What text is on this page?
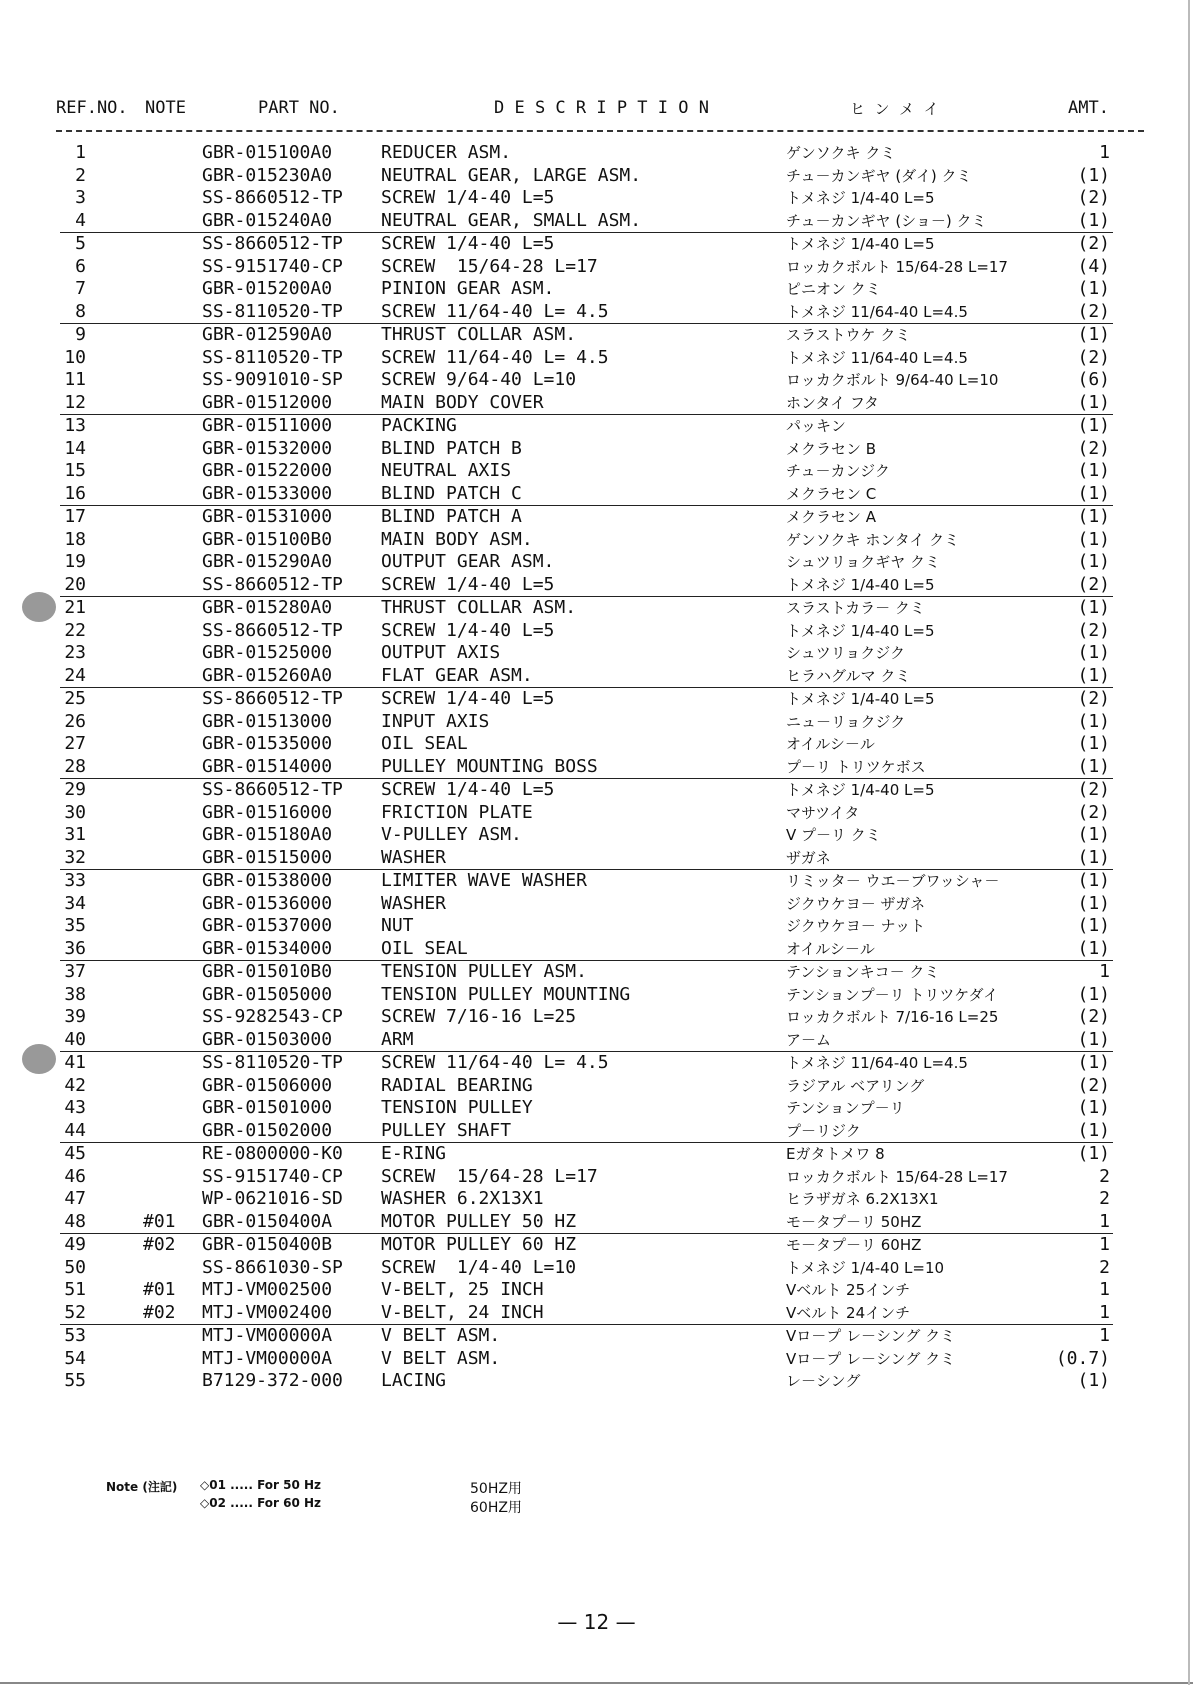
REF.NO. NOTE	PART NO.	D E S C R I P T I O N	ヒ  ン  メ  イ	AMT.
1	GBR-015100A0	REDUCER ASM.	ゲンソクキ クミ	1
2	GBR-015230A0	NEUTRAL GEAR, LARGE ASM.	チュ－カンギヤ (ダイ) クミ	(1)
3	SS-8660512-TP SCREW 1/4-40 L=5	トメネジ 1/4-40 L=5	(2)
4	GBR-015240A0	NEUTRAL GEAR, SMALL ASM.	チュ－カンギヤ (ショ－) クミ	(1)
5	SS-8660512-TP SCREW 1/4-40 L=5	トメネジ 1/4-40 L=5	(2)
6	SS-9151740-CP SCREW  15/64-28 L=17	ロッカクボルト 15/64-28 L=17	(4)
7	GBR-015200A0	PINION GEAR ASM.	ピニオン クミ	(1)
8	SS-8110520-TP SCREW 11/64-40 L= 4.5	トメネジ 11/64-40 L=4.5	(2)
9	GBR-012590A0	THRUST COLLAR ASM.	スラストウケ クミ	(1)
10	SS-8110520-TP SCREW 11/64-40 L= 4.5	トメネジ 11/64-40 L=4.5	(2)
11	SS-9091010-SP SCREW 9/64-40 L=10	ロッカクボルト 9/64-40 L=10	(6)
12	GBR-01512000	MAIN BODY COVER	ホンタイ フタ	(1)
13	GBR-01511000	PACKING	パッキン	(1)
14	GBR-01532000	BLIND PATCH B	メクラセン B	(2)
15	GBR-01522000	NEUTRAL AXIS	チュ－カンジク	(1)
16	GBR-01533000	BLIND PATCH C	メクラセン C	(1)
17	GBR-01531000	BLIND PATCH A	メクラセン A	(1)
18	GBR-015100B0	MAIN BODY ASM.	ゲンソクキ ホンタイ クミ	(1)
19	GBR-015290A0	OUTPUT GEAR ASM.	シュツリョクギヤ クミ	(1)
20	SS-8660512-TP SCREW 1/4-40 L=5	トメネジ 1/4-40 L=5	(2)
21	GBR-015280A0	THRUST COLLAR ASM.	スラストカラ－ クミ	(1)
22	SS-8660512-TP SCREW 1/4-40 L=5	トメネジ 1/4-40 L=5	(2)
23	GBR-01525000	OUTPUT AXIS	シュツリョクジク	(1)
24	GBR-015260A0	FLAT GEAR ASM.	ヒラハグルマ クミ	(1)
25	SS-8660512-TP SCREW 1/4-40 L=5	トメネジ 1/4-40 L=5	(2)
26	GBR-01513000	INPUT AXIS	ニュ－リョクジク	(1)
27	GBR-01535000	OIL SEAL	オイルシ－ル	(1)
28	GBR-01514000	PULLEY MOUNTING BOSS	プ－リ トリツケボス	(1)
29	SS-8660512-TP SCREW 1/4-40 L=5	トメネジ 1/4-40 L=5	(2)
30	GBR-01516000	FRICTION PLATE	マサツイタ	(2)
31	GBR-015180A0	V-PULLEY ASM.	V プ－リ クミ	(1)
32	GBR-01515000	WASHER	ザガネ	(1)
33	GBR-01538000	LIMITER WAVE WASHER	リミッタ－ ウエ－ブワッシャ－	(1)
34	GBR-01536000	WASHER	ジクウケヨ－ ザガネ	(1)
35	GBR-01537000	NUT	ジクウケヨ－ ナット	(1)
36	GBR-01534000	OIL SEAL	オイルシ－ル	(1)
37	GBR-015010B0	TENSION PULLEY ASM.	テンションキコ－ クミ	1
38	GBR-01505000	TENSION PULLEY MOUNTING	テンションプ－リ トリツケダイ	(1)
39	SS-9282543-CP SCREW 7/16-16 L=25	ロッカクボルト 7/16-16 L=25	(2)
40	GBR-01503000	ARM	ア－ム	(1)
41	SS-8110520-TP SCREW 11/64-40 L= 4.5	トメネジ 11/64-40 L=4.5	(1)
42	GBR-01506000	RADIAL BEARING	ラジアル ベアリング	(2)
43	GBR-01501000	TENSION PULLEY	テンションプ－リ	(1)
44	GBR-01502000	PULLEY SHAFT	プ－リジク	(1)
45	RE-0800000-K0 E-RING	Eガタトメワ 8	(1)
46	SS-9151740-CP SCREW  15/64-28 L=17	ロッカクボルト 15/64-28 L=17	2
47	WP-0621016-SD WASHER 6.2X13X1	ヒラザガネ 6.2X13X1	2
48	#01 GBR-0150400A	MOTOR PULLEY 50 HZ	モ－タプ－リ 50HZ	1
49	#02 GBR-0150400B	MOTOR PULLEY 60 HZ	モ－タプ－リ 60HZ	1
50	SS-8661030-SP SCREW  1/4-40 L=10	トメネジ 1/4-40 L=10	2
51	#01 MTJ-VM002500	V-BELT, 25 INCH	Vベルト 25インチ	1
52	#02 MTJ-VM002400	V-BELT, 24 INCH	Vベルト 24インチ	1
53	MTJ-VM00000A	V BELT ASM.	Vロ－プ レ－シング クミ	1
54	MTJ-VM00000A	V BELT ASM.	Vロ－プ レ－シング クミ	(0.7)
55	B7129-372-000 LACING	レ－シング	(1)
Note (注記) ◇01 ..... For 50 Hz
◇02 ..... For 60 Hz
50HZ用
60HZ用
— 12 —
